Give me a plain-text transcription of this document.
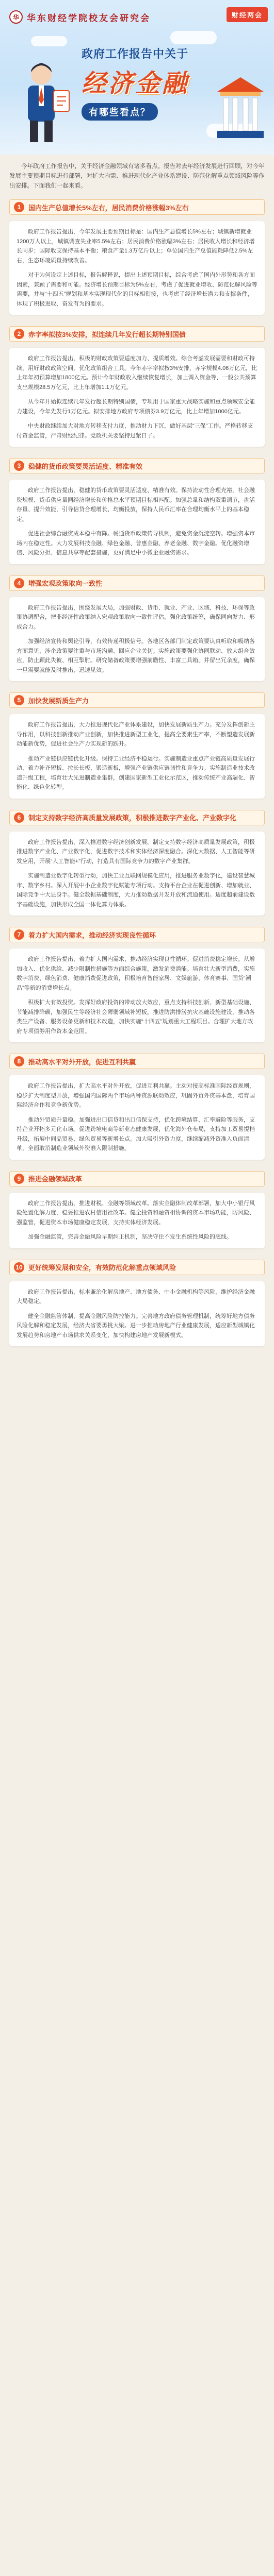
华 华东财经学院校友会研究会	财经两会
政府工作报告中关于
经济金融
有哪些看点？

今年政府工作报告中，关于经济金融领域有诸多看点。报告对去年经济发展进行回顾，对今年发展主要预期目标进行部署，对扩大内需、推进现代化产业体系建设、防范化解重点领域风险等作出安排。下面我们一起来看。

1	国内生产总值增长5%左右，居民消费价格涨幅3%左右

政府工作报告提出，今年发展主要预期目标是：国内生产总值增长5%左右；城镇新增就业1200万人以上，城镇调查失业率5.5%左右；居民消费价格涨幅3%左右；居民收入增长和经济增长同步；国际收支保持基本平衡；粮食产量1.3万亿斤以上；单位国内生产总值能耗降低2.5%左右，生态环境质量持续改善。

对于为何设定上述目标，报告解释说，提出上述预期目标，综合考虑了国内外形势和各方面因素，兼顾了需要和可能。经济增长预期目标为5%左右，考虑了促进就业增收、防范化解风险等需要，并与“十四五”规划和基本实现现代化的目标相衔接，也考虑了经济增长潜力和支撑条件，体现了积极进取、奋发有为的要求。

2	赤字率拟按3%安排，拟连续几年发行超长期特别国债

政府工作报告提出，积极的财政政策要适度加力、提质增效。综合考虑发展需要和财政可持续，用好财政政策空间，优化政策组合工具。今年赤字率拟按3%安排，赤字规模4.06万亿元，比上年年初预算增加1800亿元。预计今年财政收入继续恢复增长，加上调入资金等，一般公共预算支出规模28.5万亿元，比上年增加1.1万亿元。

从今年开始拟连续几年发行超长期特别国债，专项用于国家重大战略实施和重点领域安全能力建设，今年先发行1万亿元。拟安排地方政府专项债券3.9万亿元，比上年增加1000亿元。

中央财政继续加大对地方转移支付力度，推动财力下沉，做好基层“三保”工作。严格转移支付资金监管，严肃财经纪律。党政机关要坚持过紧日子。

3	稳健的货币政策要灵活适度、精准有效

政府工作报告提出，稳健的货币政策要灵活适度、精准有效。保持流动性合理充裕，社会融资规模、货币供应量同经济增长和价格总水平预期目标相匹配。加强总量和结构双重调节，盘活存量、提升效能，引导信贷合理增长、均衡投放，保持人民币汇率在合理均衡水平上的基本稳定。

促进社会综合融资成本稳中有降。畅通货币政策传导机制，避免资金沉淀空转。增强资本市场内在稳定性。大力发展科技金融、绿色金融、普惠金融、养老金融、数字金融。优化融资增信、风险分担、信息共享等配套措施，更好满足中小微企业融资需求。

4	增强宏观政策取向一致性

政府工作报告提出，围绕发展大局，加强财政、货币、就业、产业、区域、科技、环保等政策协调配合，把非经济性政策纳入宏观政策取向一致性评估，强化政策统筹，确保同向发力、形成合力。

加强经济宣传和舆论引导，有效传递积极信号。各地区各部门制定政策要认真听取和吸纳各方面意见，涉企政策要注重与市场沟通、回应企业关切。实施政策要强化协同联动、放大组合效应，防止顾此失彼、相互掣肘。研究储备政策要增强前瞻性、丰富工具箱，并留出冗余度，确保一旦需要就能及时推出、迅速见效。

5	加快发展新质生产力

政府工作报告提出，大力推进现代化产业体系建设，加快发展新质生产力。充分发挥创新主导作用，以科技创新推动产业创新，加快推进新型工业化，提高全要素生产率，不断塑造发展新动能新优势，促进社会生产力实现新的跃升。

推动产业链供应链优化升级。保持工业经济平稳运行。实施制造业重点产业链高质量发展行动，着力补齐短板、拉长长板、锻造新板，增强产业链供应链韧性和竞争力。实施制造业技术改造升级工程，培育壮大先进制造业集群，创建国家新型工业化示范区，推动传统产业高端化、智能化、绿色化转型。

6	制定支持数字经济高质量发展政策，积极推进数字产业化、产业数字化

政府工作报告提出，深入推进数字经济创新发展。制定支持数字经济高质量发展政策，积极推进数字产业化、产业数字化，促进数字技术和实体经济深度融合。深化大数据、人工智能等研发应用，开展“人工智能+”行动，打造具有国际竞争力的数字产业集群。

实施制造业数字化转型行动，加快工业互联网规模化应用，推进服务业数字化，建设智慧城市、数字乡村。深入开展中小企业数字化赋能专项行动。支持平台企业在促进创新、增加就业、国际竞争中大显身手。健全数据基础制度，大力推动数据开发开放和流通使用。适度超前建设数字基础设施，加快形成全国一体化算力体系。

7	着力扩大国内需求，推动经济实现良性循环

政府工作报告提出，着力扩大国内需求，推动经济实现良性循环。促进消费稳定增长。从增加收入、优化供给、减少限制性措施等方面综合施策，激发消费潜能。培育壮大新型消费，实施数字消费、绿色消费、健康消费促进政策，积极培育智能家居、文娱旅游、体育赛事、国货“潮品”等新的消费增长点。

积极扩大有效投资。发挥好政府投资的带动放大效应，重点支持科技创新、新型基础设施、节能减排降碳，加强民生等经济社会薄弱领域补短板，推进防洪排涝抗灾基础设施建设，推动各类生产设备、服务设备更新和技术改造，加快实施“十四五”规划重大工程项目。合理扩大地方政府专项债券用作资本金范围。

8	推动高水平对外开放，促进互利共赢

政府工作报告提出，扩大高水平对外开放，促进互利共赢。主动对接高标准国际经贸规则，稳步扩大制度型开放，增强国内国际两个市场两种资源联动效应，巩固外贸外资基本盘，培育国际经济合作和竞争新优势。

推动外贸质升量稳。加强进出口信贷和出口信保支持，优化跨境结算、汇率避险等服务，支持企业开拓多元化市场。促进跨境电商等新业态健康发展，优化海外仓布局，支持加工贸易提档升级，拓展中间品贸易、绿色贸易等新增长点。加大吸引外资力度，继续缩减外资准入负面清单，全面取消制造业领域外资准入限制措施。

9	推进金融领域改革

政府工作报告提出，推进财税、金融等领域改革。落实金融体制改革部署，加大中小银行风险处置化解力度，稳妥推进农村信用社改革。健全投资和融资相协调的资本市场功能，防风险、强监管，促进资本市场健康稳定发展，支持实体经济发展。

加强金融监管，完善金融风险早期纠正机制，坚决守住不发生系统性风险的底线。

10 更好统筹发展和安全，有效防范化解重点领域风险

政府工作报告提出，标本兼治化解房地产、地方债务、中小金融机构等风险，维护经济金融大局稳定。

健全金融监管体制，提高金融风险防控能力。完善地方政府债务管理机制，统筹好地方债务风险化解和稳定发展，经济大省要勇挑大梁。进一步推动房地产行业健康发展，适应新型城镇化发展趋势和房地产市场供求关系变化，加快构建房地产发展新模式。
